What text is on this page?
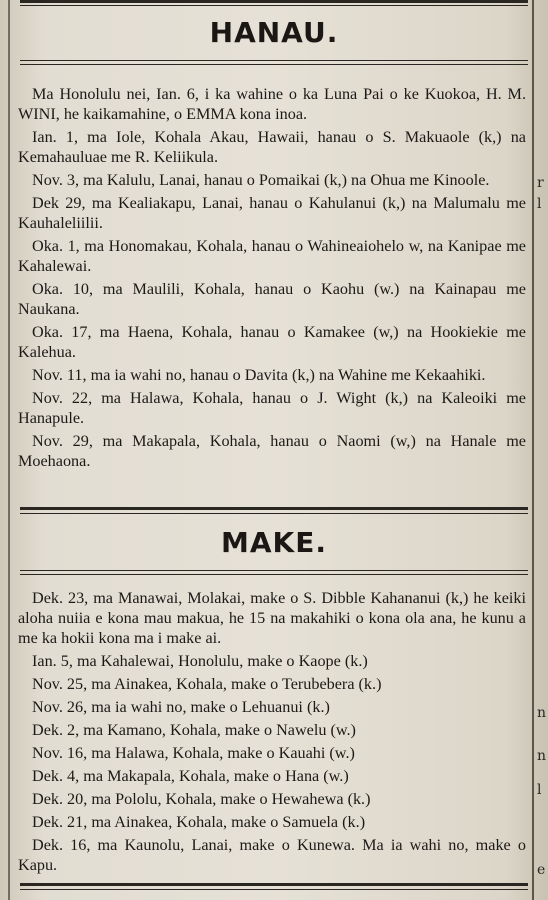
r
l
n
n
l
e
HANAU.

Ma Honolulu nei, Ian. 6, i ka wahine o ka Luna Pai o ke Kuokoa, H. M. WINI, he kaikamahine, o EMMA kona inoa.

Ian. 1, ma Iole, Kohala Akau, Hawaii, hanau o S. Makuaole (k,) na Kemahauluae me R. Keliikula.

Nov. 3, ma Kalulu, Lanai, hanau o Pomaikai (k,) na Ohua me Kinoole.

Dek 29, ma Kealiakapu, Lanai, hanau o Kahulanui (k,) na Malumalu me Kauhaleliilii.

Oka. 1, ma Honomakau, Kohala, hanau o Wahineaiohelo w, na Kanipae me Kahalewai.

Oka. 10, ma Maulili, Kohala, hanau o Kaohu (w.) na Kainapau me Naukana.

Oka. 17, ma Haena, Kohala, hanau o Kamakee (w,) na Hookiekie me Kalehua.

Nov. 11, ma ia wahi no, hanau o Davita (k,) na Wahine me Kekaahiki.

Nov. 22, ma Halawa, Kohala, hanau o J. Wight (k,) na Kaleoiki me Hanapule.

Nov. 29, ma Makapala, Kohala, hanau o Naomi (w,) na Hanale me Moehaona.

MAKE.

Dek. 23, ma Manawai, Molakai, make o S. Dibble Kahananui (k,) he keiki aloha nuiia e kona mau makua, he 15 na makahiki o kona ola ana, he kunu a me ka hokii kona ma i make ai.

Ian. 5, ma Kahalewai, Honolulu, make o Kaope (k.)

Nov. 25, ma Ainakea, Kohala, make o Terubebera (k.)

Nov. 26, ma ia wahi no, make o Lehuanui (k.)

Dek. 2, ma Kamano, Kohala, make o Nawelu (w.)

Nov. 16, ma Halawa, Kohala, make o Kauahi (w.)

Dek. 4, ma Makapala, Kohala, make o Hana (w.)

Dek. 20, ma Pololu, Kohala, make o Hewahewa (k.)

Dek. 21, ma Ainakea, Kohala, make o Samuela (k.)

Dek. 16, ma Kaunolu, Lanai, make o Kunewa. Ma ia wahi no, make o Kapu.
